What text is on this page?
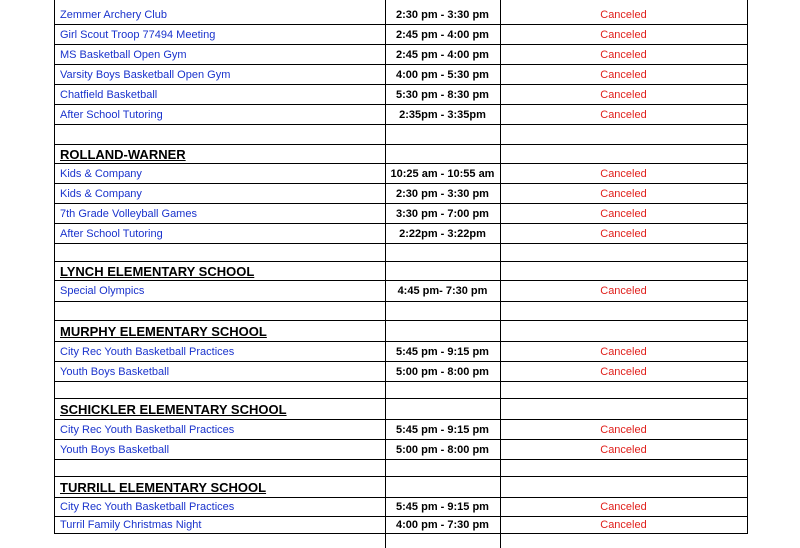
Zemmer Archery Club	2:30 pm - 3:30 pm	Canceled
Girl Scout Troop 77494 Meeting	2:45 pm - 4:00 pm	Canceled
MS Basketball Open Gym	2:45 pm - 4:00 pm	Canceled
Varsity Boys Basketball Open Gym	4:00 pm - 5:30 pm	Canceled
Chatfield Basketball	5:30 pm - 8:30 pm	Canceled
After School Tutoring	2:35pm - 3:35pm	Canceled
ROLLAND-WARNER
Kids & Company	10:25 am - 10:55 am	Canceled
Kids & Company	2:30 pm - 3:30 pm	Canceled
7th Grade Volleyball Games	3:30 pm - 7:00 pm	Canceled
After School Tutoring	2:22pm - 3:22pm	Canceled
LYNCH ELEMENTARY SCHOOL
Special Olympics	4:45 pm- 7:30 pm	Canceled
MURPHY ELEMENTARY SCHOOL
City Rec Youth Basketball Practices	5:45 pm - 9:15 pm	Canceled
Youth Boys Basketball	5:00 pm - 8:00 pm	Canceled
SCHICKLER ELEMENTARY SCHOOL
City Rec Youth Basketball Practices	5:45 pm - 9:15 pm	Canceled
Youth Boys Basketball	5:00 pm - 8:00 pm	Canceled
TURRILL ELEMENTARY SCHOOL
City Rec Youth Basketball Practices	5:45 pm - 9:15 pm	Canceled
Turril Family Christmas Night	4:00 pm - 7:30 pm	Canceled
